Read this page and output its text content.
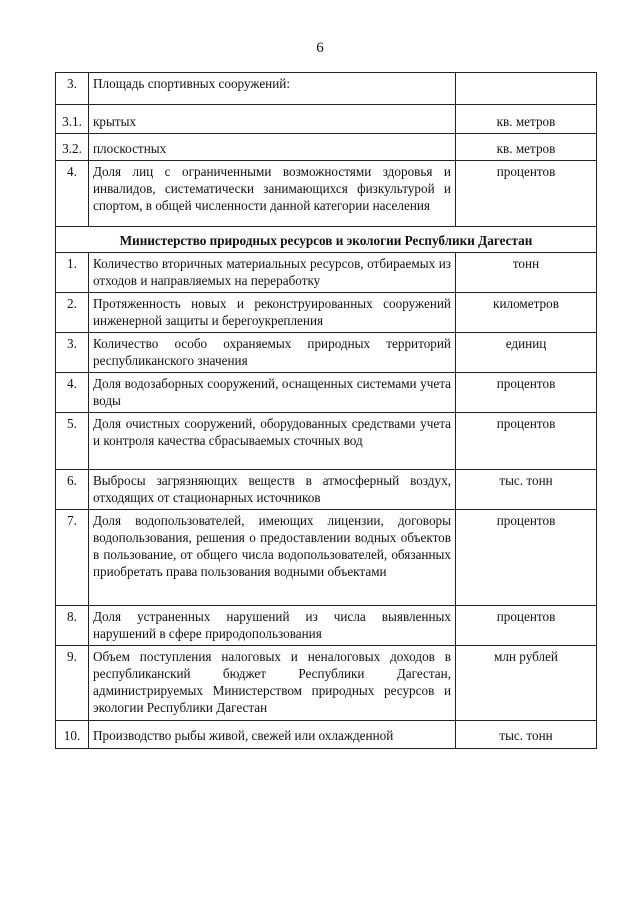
6
3.	Площадь спортивных сооружений:	
3.1.	крытых	кв. метров
3.2.	плоскостных	кв. метров
4.	Доля лиц с ограниченными возможностями здоровья и инвалидов, систематически занимающихся физкультурой и спортом, в общей численности данной категории населения	процентов
Министерство природных ресурсов и экологии Республики Дагестан		
1.	Количество вторичных материальных ресурсов, отбираемых из отходов и направляемых на переработку	тонн
2.	Протяженность новых и реконструированных сооружений инженерной защиты и берегоукрепления	километров
3.	Количество особо охраняемых природных территорий республиканского значения	единиц
4.	Доля водозаборных сооружений, оснащенных системами учета воды	процентов
5.	Доля очистных сооружений, оборудованных средствами учета и контроля качества сбрасываемых сточных вод	процентов
6.	Выбросы загрязняющих веществ в атмосферный воздух, отходящих от стационарных источников	тыс. тонн
7.	Доля водопользователей, имеющих лицензии, договоры водопользования, решения о предоставлении водных объектов в пользование, от общего числа водопользователей, обязанных приобретать права пользования водными объектами	процентов
8.	Доля устраненных нарушений из числа выявленных нарушений в сфере природопользования	процентов
9.	Объем поступления налоговых и неналоговых доходов в республиканский бюджет Республики Дагестан, администрируемых Министерством природных ресурсов и экологии Республики Дагестан	млн рублей
10.	Производство рыбы живой, свежей или охлажденной	тыс. тонн
